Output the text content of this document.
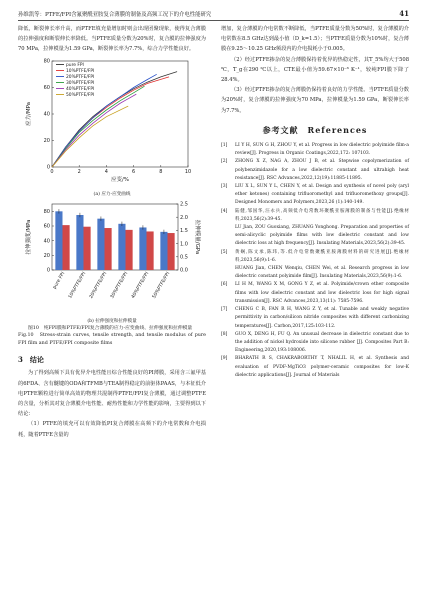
孙维凯等：PTFE/FPI含氟聚酰亚胺复合薄膜的制备及高频工况下的介电性能研究	41

降低，断裂伸长率升高，而PTFE填充量增加时则会出现团聚现象，使得复合薄膜的拉伸强度和断裂伸长率降低。当PTFE质量分数为20%时，复合膜的拉伸强度为70 MPa，拉伸模量为1.59 GPa，断裂伸长率为7.7%，综合力学性能良好。

0	2	4	6	8	10
0
20
40
60
80
应变/%
应力/MPa
pure FPI
10%PTFE/FPI
20%PTFE/FPI
30%PTFE/FPI
40%PTFE/FPI
50%PTFE/FPI
(a) 应力-应变曲线
0
20
40
60
80
0.0
0.5
1.0
1.5
2.0
2.5
拉伸强度/MPa	拉伸模量/GPa
pure FPI 10%PTFE/FPI 20%PTFE/FPI 30%PTFE/FPI 40%PTFE/FPI 50%PTFE/FPI
(b) 拉伸强度和拉伸模量

图10　纯FPI膜和PTFE/FPI复合薄膜的应力-应变曲线、拉伸强度和拉伸模量

Fig.10　Stress-strain curves, tensile strength, and tensile modulus of pure FPI film and PTFE/FPI composite films

3　结论

为了得到高频下具有优异介电性能且综合性能良好的PI薄膜，采用含三氟甲基的6FDA、含有醚键的ODA和TFMB与TEA制得稳定的前驱体PAAS，与本征低介电PTFE颗粒进行简单高效的物理共混制得PTFE/FPI复合薄膜，通过调整PTFE的含量，分析其对复合薄膜介电性能、耐热性能和力学性能的影响，主要得到以下结论：

（1）PTFE的填充可以有效降低PI复合薄膜在高频下的介电常数和介电损耗，随着PTFE含量的

增加，复合薄膜的介电常数不断降低，当PTFE质量分数为50%时，复合薄膜的介电常数在8.5 GHz达到最小值（D_k=1.5）；当PTFE质量分数为10%时，复合薄膜在9.25～10.25 GHz频段内的介电损耗小于0.005。

（2）经过PTFE掺杂的复合薄膜保持着优异的热稳定性，其T_5%均大于508 ℃，T_g在290 ℃以上，CTE最小值为59.67×10⁻⁶ K⁻¹，较纯FPI膜下降了28.4%。

（3）经过PTFE掺杂的复合薄膜仍保持着良好的力学性能。当PTFE质量分数为20%时，复合薄膜的拉伸强度为70 MPa，拉伸模量为1.59 GPa，断裂伸长率为7.7%。

参考文献　References
[1]	LI Y H, SUN G H, ZHOU Y, et al. Progress in low dielectric polyimide film-a review[J]. Progress in Organic Coatings,2022,172: 107103.
[2]	ZHONG X Z, NAG A, ZHOU J B, et al. Stepwise copolymerization of polybenzimidazole for a low dielectric constant and ultrahigh heat resistance[J]. RSC Advances,2022,12(19):11885-11895.
[3]	LIU X L, SUN Y L, CHEN Y, et al. Design and synthesis of novel poly (aryl ether ketones) containing trifluoromethyl and trifluoromethoxy groups[J]. Designed Monomers and Polymers,2023,26 (1):140-149.
[4]	陆健,邹国华,汪永兵,高频低介电常数环聚酰亚胺薄膜的制备与性能[J].绝缘材料,2023,56(2):39-45.
LU Jian, ZOU Guoxiang, ZHUANG Yonghong. Preparation and properties of semi-alicyclic polyimide films with low dielectric constant and low dielectric loss at high frequency[J]. Insulating Materials,2023,56(2):39-45.
[5]	黄娴,陈文承,陈玮,等.低介电常数聚酰亚胺薄膜材料的研究进展[J].绝缘材料,2023,56(9):1-6.
HUANG Jian, CHEN Wenqiu, CHEN Wei, et al. Research progress in low dielectric constant polyimide film[J]. Insulating Materials,2023,56(9):1-6.
[6]	LI H M, WANG X M, GONG Y Z, et al. Polyimide/crown ether composite films with low dielectric constant and low dielectric loss for high signal transmission[J]. RSC Advances,2023,13(11): 7585-7596.
[7]	CHENG C B, FAN R H, WANG Z Y, et al. Tunable and weakly negative permittivity in carbon/silicon nitride composites with different carbonizing temperatures[J]. Carbon,2017,125:103-112.
[8]	GUO X, DENG H, FU Q. An unusual decrease in dielectric constant due to the addition of nickel hydroxide into silicone rubber [J]. Composites Part B: Engineering,2020,193:108006.
[9]	BHARATH R S, CHAKRABORTHY T, NHALIL H, et al. Synthesis and evaluation of PVDF-MgTiO3 polymer-ceramic composites for low-K dielectric applications[J]. Journal of Materials
